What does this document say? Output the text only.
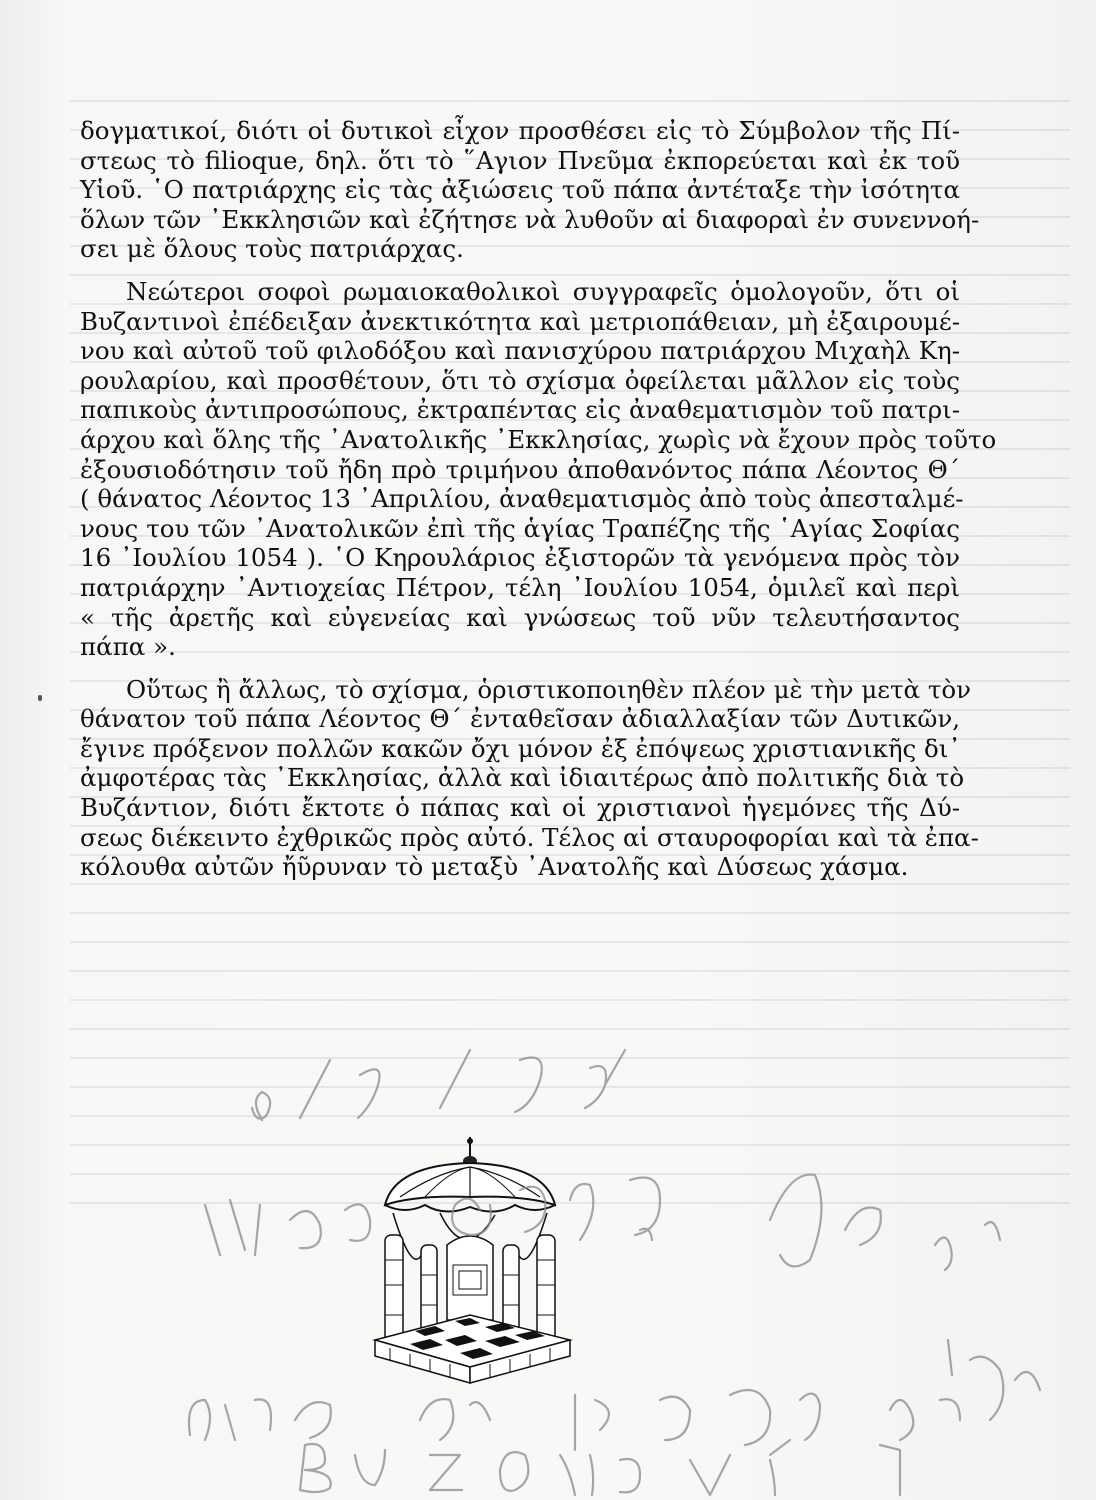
δογματικοί, διότι οἱ δυτικοὶ εἶχον προσθέσει εἰς τὸ Σύμβολον τῆς Πί-
στεως τὸ filioque, δηλ. ὅτι τὸ ῞Αγιον Πνεῦμα ἐκπορεύεται καὶ ἐκ τοῦ
Υἱοῦ. ῾Ο πατριάρχης εἰς τὰς ἀξιώσεις τοῦ πάπα ἀντέταξε τὴν ἰσότητα
ὅλων τῶν ᾿Εκκλησιῶν καὶ ἐζήτησε νὰ λυθοῦν αἱ διαφοραὶ ἐν συνεννοή-
σει μὲ ὅλους τοὺς πατριάρχας.
Νεώτεροι σοφοὶ ρωμαιοκαθολικοὶ συγγραφεῖς ὁμολογοῦν, ὅτι οἱ
Βυζαντινοὶ ἐπέδειξαν ἀνεκτικότητα καὶ μετριοπάθειαν, μὴ ἐξαιρουμέ-
νου καὶ αὐτοῦ τοῦ φιλοδόξου καὶ πανισχύρου πατριάρχου Μιχαὴλ Κη-
ρουλαρίου, καὶ προσθέτουν, ὅτι τὸ σχίσμα ὀφείλεται μᾶλλον εἰς τοὺς
παπικοὺς ἀντιπροσώπους, ἐκτραπέντας εἰς ἀναθεματισμὸν τοῦ πατρι-
άρχου καὶ ὅλης τῆς ᾿Ανατολικῆς ᾿Εκκλησίας, χωρὶς νὰ ἔχουν πρὸς τοῦτο
ἐξουσιοδότησιν τοῦ ἤδη πρὸ τριμήνου ἀποθανόντος πάπα Λέοντος Θ΄
( θάνατος Λέοντος 13 ᾿Απριλίου, ἀναθεματισμὸς ἀπὸ τοὺς ἀπεσταλμέ-
νους του τῶν ᾿Ανατολικῶν ἐπὶ τῆς ἁγίας Τραπέζης τῆς ῾Αγίας Σοφίας
16 ᾿Ιουλίου 1054 ). ῾Ο Κηρουλάριος ἐξιστορῶν τὰ γενόμενα πρὸς τὸν
πατριάρχην ᾿Αντιοχείας Πέτρον, τέλη ᾿Ιουλίου 1054, ὁμιλεῖ καὶ περὶ
« τῆς ἀρετῆς καὶ εὐγενείας καὶ γνώσεως τοῦ νῦν τελευτήσαντος
πάπα ».
Οὕτως ἢ ἄλλως, τὸ σχίσμα, ὁριστικοποιηθὲν πλέον μὲ τὴν μετὰ τὸν
θάνατον τοῦ πάπα Λέοντος Θ΄ ἐνταθεῖσαν ἀδιαλλαξίαν τῶν Δυτικῶν,
ἔγινε πρόξενον πολλῶν κακῶν ὄχι μόνον ἐξ ἐπόψεως χριστιανικῆς δι᾿
ἀμφοτέρας τὰς ᾿Εκκλησίας, ἀλλὰ καὶ ἰδιαιτέρως ἀπὸ πολιτικῆς διὰ τὸ
Βυζάντιον, διότι ἔκτοτε ὁ πάπας καὶ οἱ χριστιανοὶ ἡγεμόνες τῆς Δύ-
σεως διέκειντο ἐχθρικῶς πρὸς αὐτό. Τέλος αἱ σταυροφορίαι καὶ τὰ ἐπα-
κόλουθα αὐτῶν ἤῦρυναν τὸ μεταξὺ ᾿Ανατολῆς καὶ Δύσεως χάσμα.
